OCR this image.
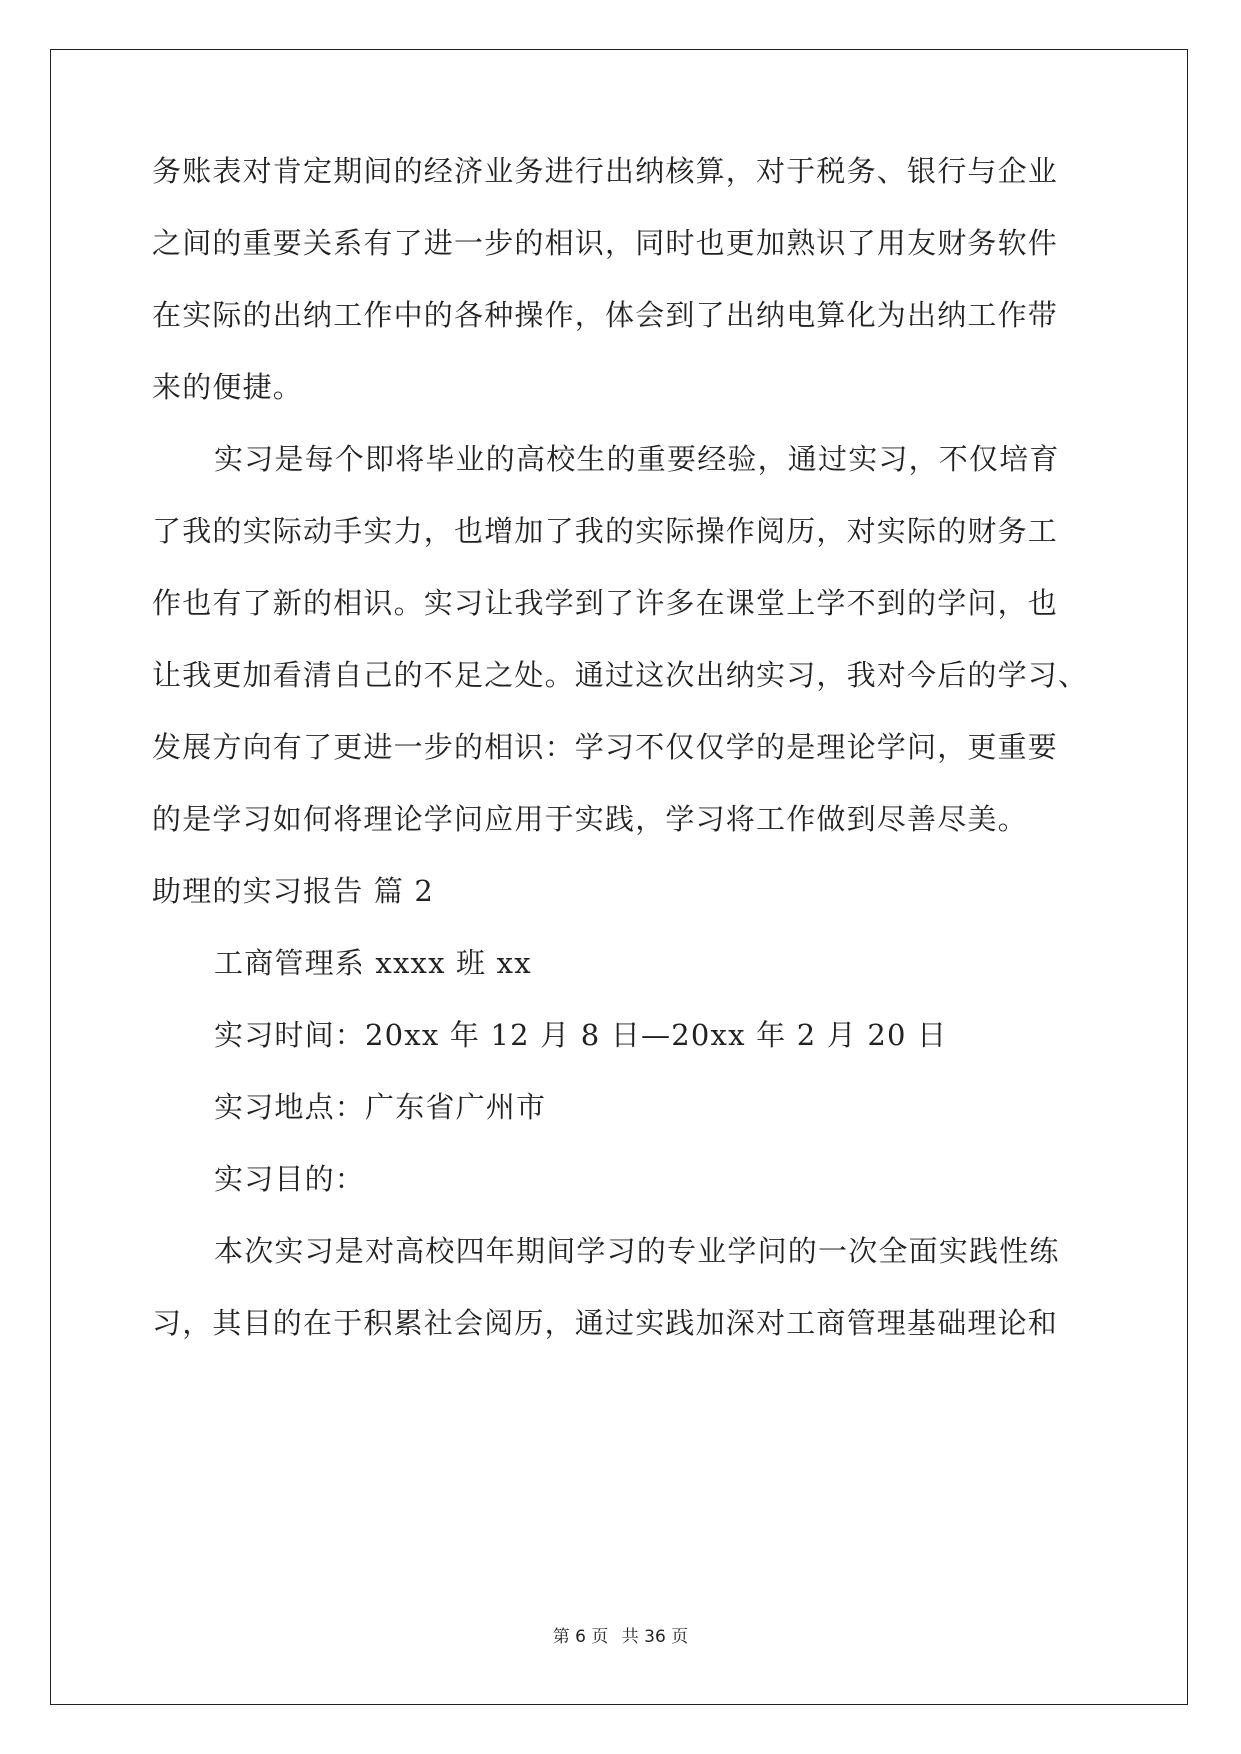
务账表对肯定期间的经济业务进行出纳核算，对于税务、银行与企业
之间的重要关系有了进一步的相识，同时也更加熟识了用友财务软件
在实际的出纳工作中的各种操作，体会到了出纳电算化为出纳工作带
来的便捷。
实习是每个即将毕业的高校生的重要经验，通过实习，不仅培育
了我的实际动手实力，也增加了我的实际操作阅历，对实际的财务工
作也有了新的相识。实习让我学到了许多在课堂上学不到的学问，也
让我更加看清自己的不足之处。通过这次出纳实习，我对今后的学习、
发展方向有了更进一步的相识：学习不仅仅学的是理论学问，更重要
的是学习如何将理论学问应用于实践，学习将工作做到尽善尽美。
助理的实习报告 篇 2
工商管理系 xxxx 班 xx
实习时间：20xx 年 12 月 8 日—20xx 年 2 月 20 日
实习地点：广东省广州市
实习目的：
本次实习是对高校四年期间学习的专业学问的一次全面实践性练
习，其目的在于积累社会阅历，通过实践加深对工商管理基础理论和
第 6 页 共 36 页
